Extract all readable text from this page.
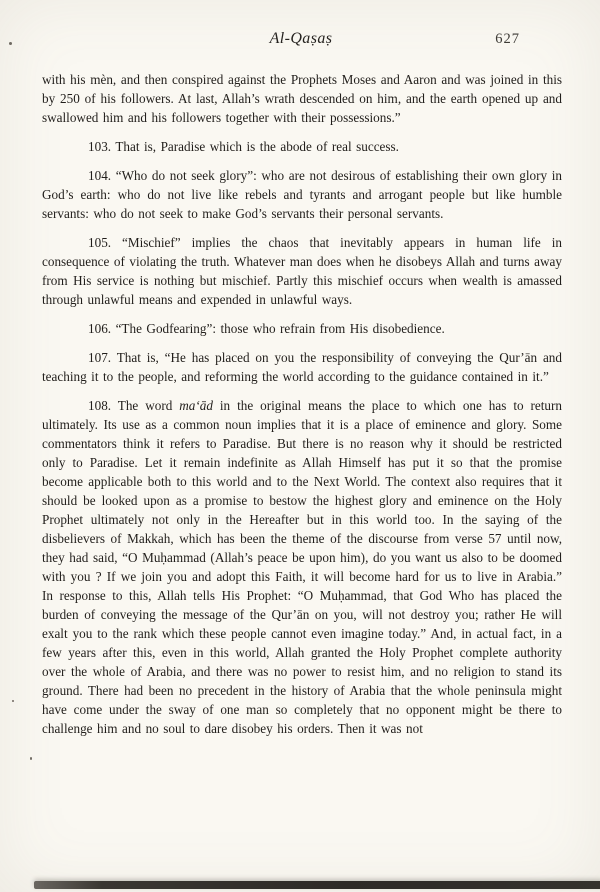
Al-Qaṣaṣ	627

with his mèn, and then conspired against the Prophets Moses and Aaron and was joined in this by 250 of his followers. At last, Allah’s wrath descended on him, and the earth opened up and swallowed him and his followers together with their possessions.”

103. That is, Paradise which is the abode of real success.

104. “Who do not seek glory”: who are not desirous of establishing their own glory in God’s earth: who do not live like rebels and tyrants and arrogant people but like humble servants: who do not seek to make God’s servants their personal servants.

105. “Mischief” implies the chaos that inevitably appears in human life in consequence of violating the truth. Whatever man does when he disobeys Allah and turns away from His service is nothing but mischief. Partly this mischief occurs when wealth is amassed through unlawful means and expended in unlawful ways.

106. “The Godfearing”: those who refrain from His disobedience.

107. That is, “He has placed on you the responsibility of conveying the Qur’ān and teaching it to the people, and reforming the world according to the guidance contained in it.”

108. The word ma‘ād in the original means the place to which one has to return ultimately. Its use as a common noun implies that it is a place of eminence and glory. Some commentators think it refers to Paradise. But there is no reason why it should be restricted only to Paradise. Let it remain indefinite as Allah Himself has put it so that the promise become applicable both to this world and to the Next World. The context also requires that it should be looked upon as a promise to bestow the highest glory and eminence on the Holy Prophet ultimately not only in the Hereafter but in this world too. In the saying of the disbelievers of Makkah, which has been the theme of the discourse from verse 57 until now, they had said, “O Muḥammad (Allah’s peace be upon him), do you want us also to be doomed with you ? If we join you and adopt this Faith, it will become hard for us to live in Arabia.” In response to this, Allah tells His Prophet: “O Muḥammad, that God Who has placed the burden of conveying the message of the Qur’ān on you, will not destroy you; rather He will exalt you to the rank which these people cannot even imagine today.” And, in actual fact, in a few years after this, even in this world, Allah granted the Holy Prophet complete authority over the whole of Arabia, and there was no power to resist him, and no religion to stand its ground. There had been no precedent in the history of Arabia that the whole peninsula might have come under the sway of one man so completely that no opponent might be there to challenge him and no soul to dare disobey his orders. Then it was not
